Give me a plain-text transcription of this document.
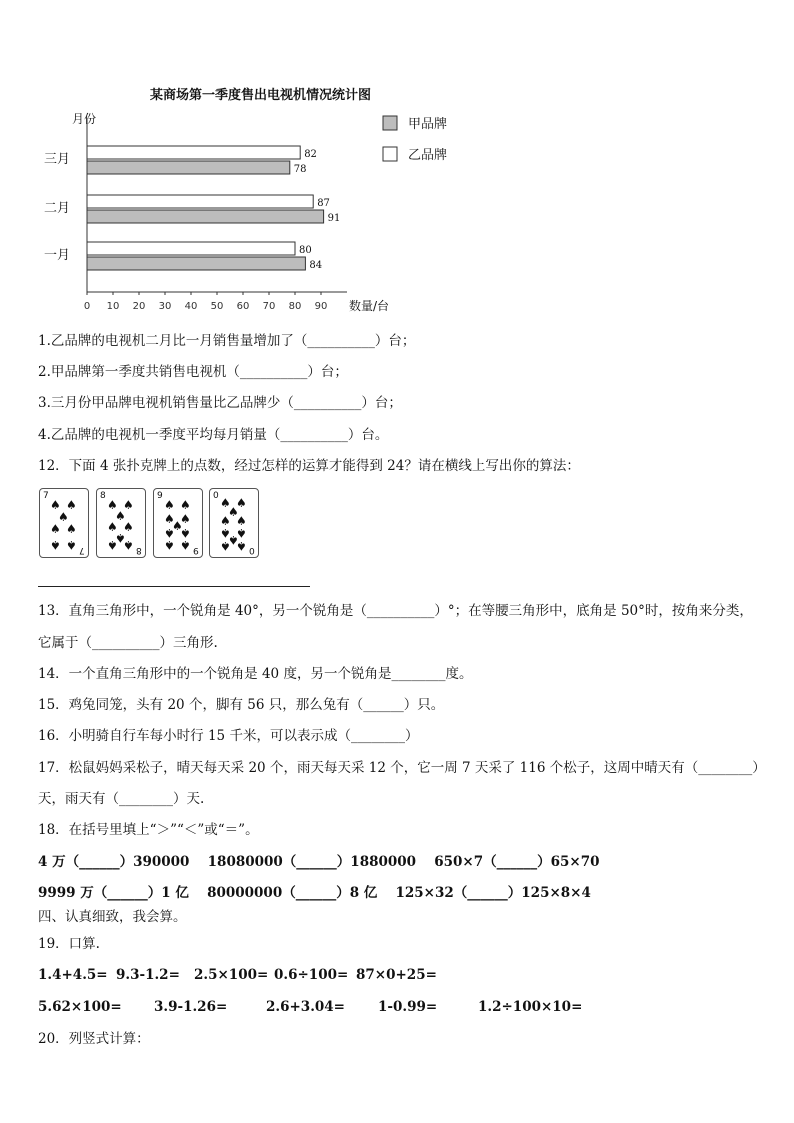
某商场第一季度售出电视机情况统计图
月份
0 10 20 30 40 50 60 70 80 90 数量/台
三月	82
78
二月	87
91
一月	80
84
甲品牌
乙品牌
1.乙品牌的电视机二月比一月销售量增加了（__________）台；
2.甲品牌第一季度共销售电视机（__________）台；
3.三月份甲品牌电视机销售量比乙品牌少（__________）台；
4.乙品牌的电视机一季度平均每月销量（__________）台。
12．下面 4 张扑克牌上的点数，经过怎样的运算才能得到 24？请在横线上写出你的算法：
7
7
♠ ♠
♠
♠ ♠
♠ ♠
8
8
♠ ♠
♠
♠ ♠
♠
♠ ♠
9
9
♠ ♠
♠ ♠
♠
♠ ♠
♠ ♠
0
0
♠ ♠
♠
♠ ♠
♠ ♠
♠
♠ ♠
13．直角三角形中，一个锐角是 40°，另一个锐角是（__________）°；在等腰三角形中，底角是 50°时，按角来分类，
它属于（__________）三角形.
14．一个直角三角形中的一个锐角是 40 度，另一个锐角是________度。
15．鸡兔同笼，头有 20 个，脚有 56 只，那么兔有（______）只。
16．小明骑自行车每小时行 15 千米，可以表示成（________）
17．松鼠妈妈采松子，晴天每天采 20 个，雨天每天采 12 个，它一周 7 天采了 116 个松子，这周中晴天有（________）
天，雨天有（________）天.
18．在括号里填上“＞”“＜”或“＝”。
4 万（______）390000　 18080000（______）1880000　 650×7（______）65×70
9999 万（______）1 亿　 80000000（______）8 亿　 125×32（______）125×8×4
四、认真细致，我会算。
19．口算.
1.4+4.5= 9.3-1.2= 2.5×100= 0.6÷100= 87×0+25=
5.62×100= 3.9-1.26=	2.6+3.04= 1-0.99=	1.2÷100×10=
20．列竖式计算：
